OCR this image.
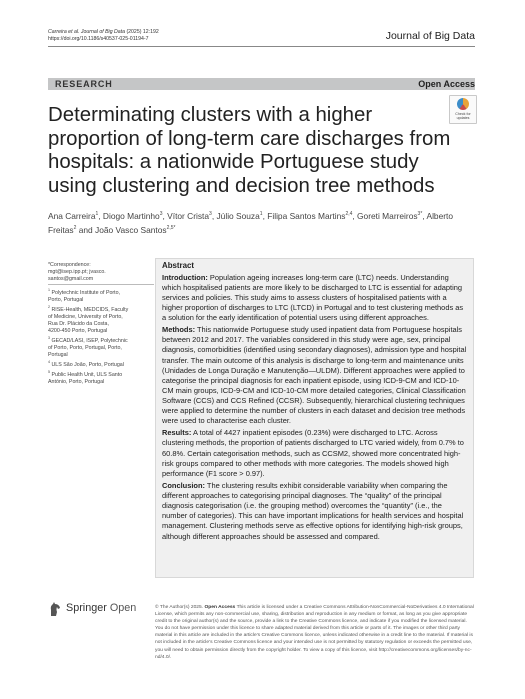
Carreira et al. Journal of Big Data (2025) 12:192
https://doi.org/10.1186/s40537-025-01194-7	Journal of Big Data
RESEARCH	Open Access
Check for
updates
Determinating clusters with a higher proportion of long-term care discharges from hospitals: a nationwide Portuguese study using clustering and decision tree methods
Ana Carreira$^1$, Diogo Martinho$^3$, Vítor Crista$^3$, Júlio Souza$^1$, Filipa Santos Martins$^{2,4}$, Goreti Marreiros$^{3*}$, Alberto Freitas$^2$ and João Vasco Santos$^{2,5*}$
*Correspondence:
mgt@isep.ipp.pt; jvasco.
santos@gmail.com
$^1$ Polytechnic Institute of Porto,
Porto, Portugal
$^2$ RISE-Health, MEDCIDS, Faculty
of Medicine, University of Porto,
Rua Dr. Plácido da Costa,
4200-450 Porto, Portugal
$^3$ GECAD/LASI, ISEP, Polytechnic
of Porto, Porto, Portugal, Porto,
Portugal
$^4$ ULS São João, Porto, Portugal
$^5$ Public Health Unit, ULS Santo
António, Porto, Portugal
Abstract

Introduction: Population ageing increases long-term care (LTC) needs. Understanding which hospitalised patients are more likely to be discharged to LTC is essential for adapting services and policies. This study aims to assess clusters of hospitalised patients with a higher proportion of discharges to LTC (LTCD) in Portugal and to test clustering methods as a solution for the early identification of potential users using different approaches.

Methods: This nationwide Portuguese study used inpatient data from Portuguese hospitals between 2012 and 2017. The variables considered in this study were age, sex, principal diagnosis, comorbidities (identified using secondary diagnoses), admission type and hospital transfer. The main outcome of this analysis is discharge to long-term and maintenance units (Unidades de Longa Duração e Manutenção—ULDM). Different approaches were applied to categorise the principal diagnosis for each inpatient episode, using ICD-9-CM and ICD-10-CM main groups, ICD-9-CM and ICD-10-CM more detailed categories, Clinical Classification Software (CCS) and CCS Refined (CCSR). Subsequently, hierarchical clustering techniques were applied to determine the number of clusters in each dataset and decision tree methods were used to characterise each cluster.

Results: A total of 4427 inpatient episodes (0.23%) were discharged to LTC. Across clustering methods, the proportion of patients discharged to LTC varied widely, from 0.7% to 60.8%. Certain categorisation methods, such as CCSM2, showed more concentrated high-risk groups compared to other methods with more categories. The models showed high performance (F1 score > 0.97).

Conclusion: The clustering results exhibit considerable variability when comparing the different approaches to categorising principal diagnoses. The “quality” of the principal diagnosis categorisation (i.e. the grouping method) overcomes the “quantity” (i.e., the number of categories). This can have important implications for health services and hospital management. Clustering methods serve as effective options for identifying high-risk groups, although different approaches should be assessed and compared.

Springer Open	© The Author(s) 2025. Open Access This article is licensed under a Creative Commons Attribution-NonCommercial-NoDerivatives 4.0 International License, which permits any non-commercial use, sharing, distribution and reproduction in any medium or format, as long as you give appropriate credit to the original author(s) and the source, provide a link to the Creative Commons licence, and indicate if you modified the licensed material. You do not have permission under this licence to share adapted material derived from this article or parts of it. The images or other third party material in this article are included in the article’s Creative Commons licence, unless indicated otherwise in a credit line to the material. If material is not included in the article’s Creative Commons licence and your intended use is not permitted by statutory regulation or exceeds the permitted use, you will need to obtain permission directly from the copyright holder. To view a copy of this licence, visit http://creativecommons.org/licenses/by-nc-nd/4.0/.
